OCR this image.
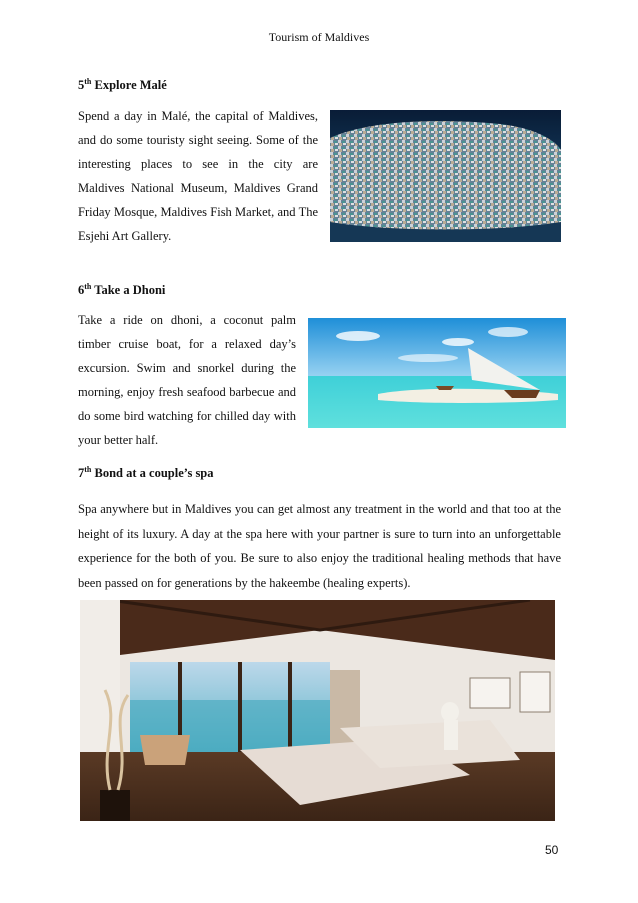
Tourism of Maldives
5th Explore Malé
Spend a day in Malé, the capital of Maldives, and do some touristy sight seeing. Some of the interesting places to see in the city are Maldives National Museum, Maldives Grand Friday Mosque, Maldives Fish Market, and The Esjehi Art Gallery.
6th Take a Dhoni
Take a ride on dhoni, a coconut palm timber cruise boat, for a relaxed day’s excursion. Swim and snorkel during the morning, enjoy fresh seafood barbecue and do some bird watching for chilled day with your better half.
7th Bond at a couple’s spa
Spa anywhere but in Maldives you can get almost any treatment in the world and that too at the height of its luxury. A day at the spa here with your partner is sure to turn into an unforgettable experience for the both of you. Be sure to also enjoy the traditional healing methods that have been passed on for generations by the hakeembe (healing experts).
50
